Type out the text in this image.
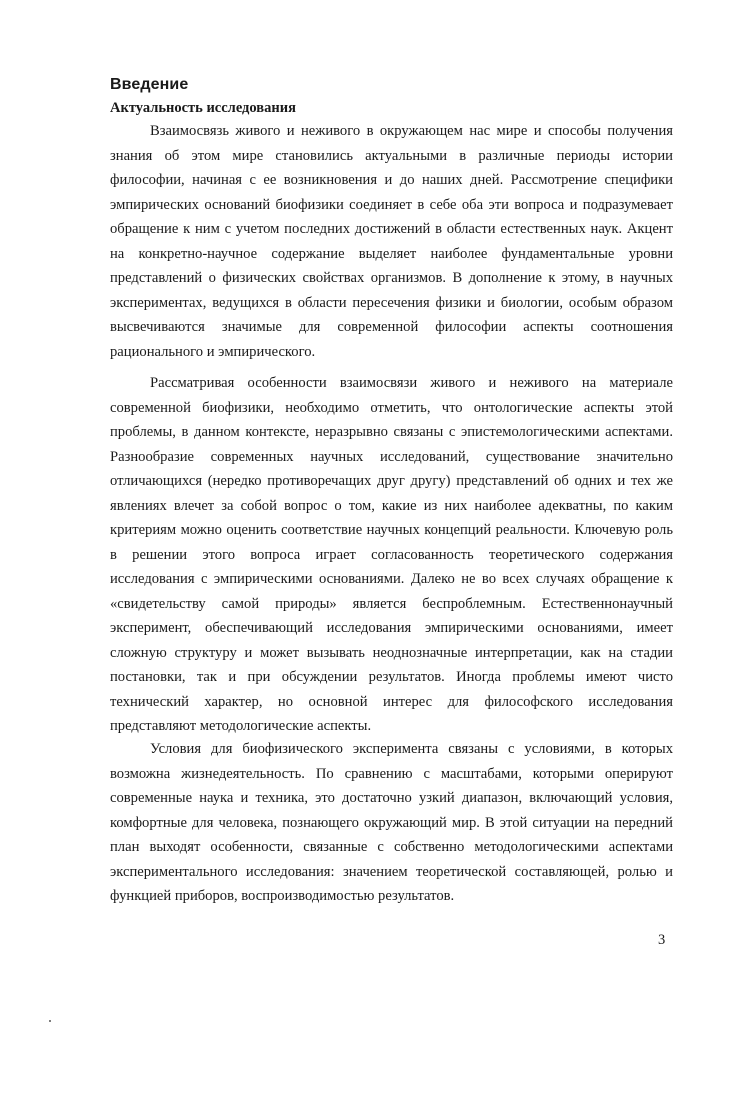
Введение
Актуальность исследования

Взаимосвязь живого и неживого в окружающем нас мире и способы получения знания об этом мире становились актуальными в различные периоды истории философии, начиная с ее возникновения и до наших дней. Рассмотрение специфики эмпирических оснований биофизики соединяет в себе оба эти вопроса и подразумевает обращение к ним с учетом последних достижений в области естественных наук. Акцент на конкретно-научное содержание выделяет наиболее фундаментальные уровни представлений о физических свойствах организмов. В дополнение к этому, в научных экспериментах, ведущихся в области пересечения физики и биологии, особым образом высвечиваются значимые для современной философии аспекты соотношения рационального и эмпирического.

Рассматривая особенности взаимосвязи живого и неживого на материале современной биофизики, необходимо отметить, что онтологические аспекты этой проблемы, в данном контексте, неразрывно связаны с эпистемологическими аспектами. Разнообразие современных научных исследований, существование значительно отличающихся (нередко противоречащих друг другу) представлений об одних и тех же явлениях влечет за собой вопрос о том, какие из них наиболее адекватны, по каким критериям можно оценить соответствие научных концепций реальности. Ключевую роль в решении этого вопроса играет согласованность теоретического содержания исследования с эмпирическими основаниями. Далеко не во всех случаях обращение к «свидетельству самой природы» является беспроблемным. Естественнонаучный эксперимент, обеспечивающий исследования эмпирическими основаниями, имеет сложную структуру и может вызывать неоднозначные интерпретации, как на стадии постановки, так и при обсуждении результатов. Иногда проблемы имеют чисто технический характер, но основной интерес для философского исследования представляют методологические аспекты.

Условия для биофизического эксперимента связаны с условиями, в которых возможна жизнедеятельность. По сравнению с масштабами, которыми оперируют современные наука и техника, это достаточно узкий диапазон, включающий условия, комфортные для человека, познающего окружающий мир. В этой ситуации на передний план выходят особенности, связанные с собственно методологическими аспектами экспериментального исследования: значением теоретической составляющей, ролью и функцией приборов, воспроизводимостью результатов.

3
